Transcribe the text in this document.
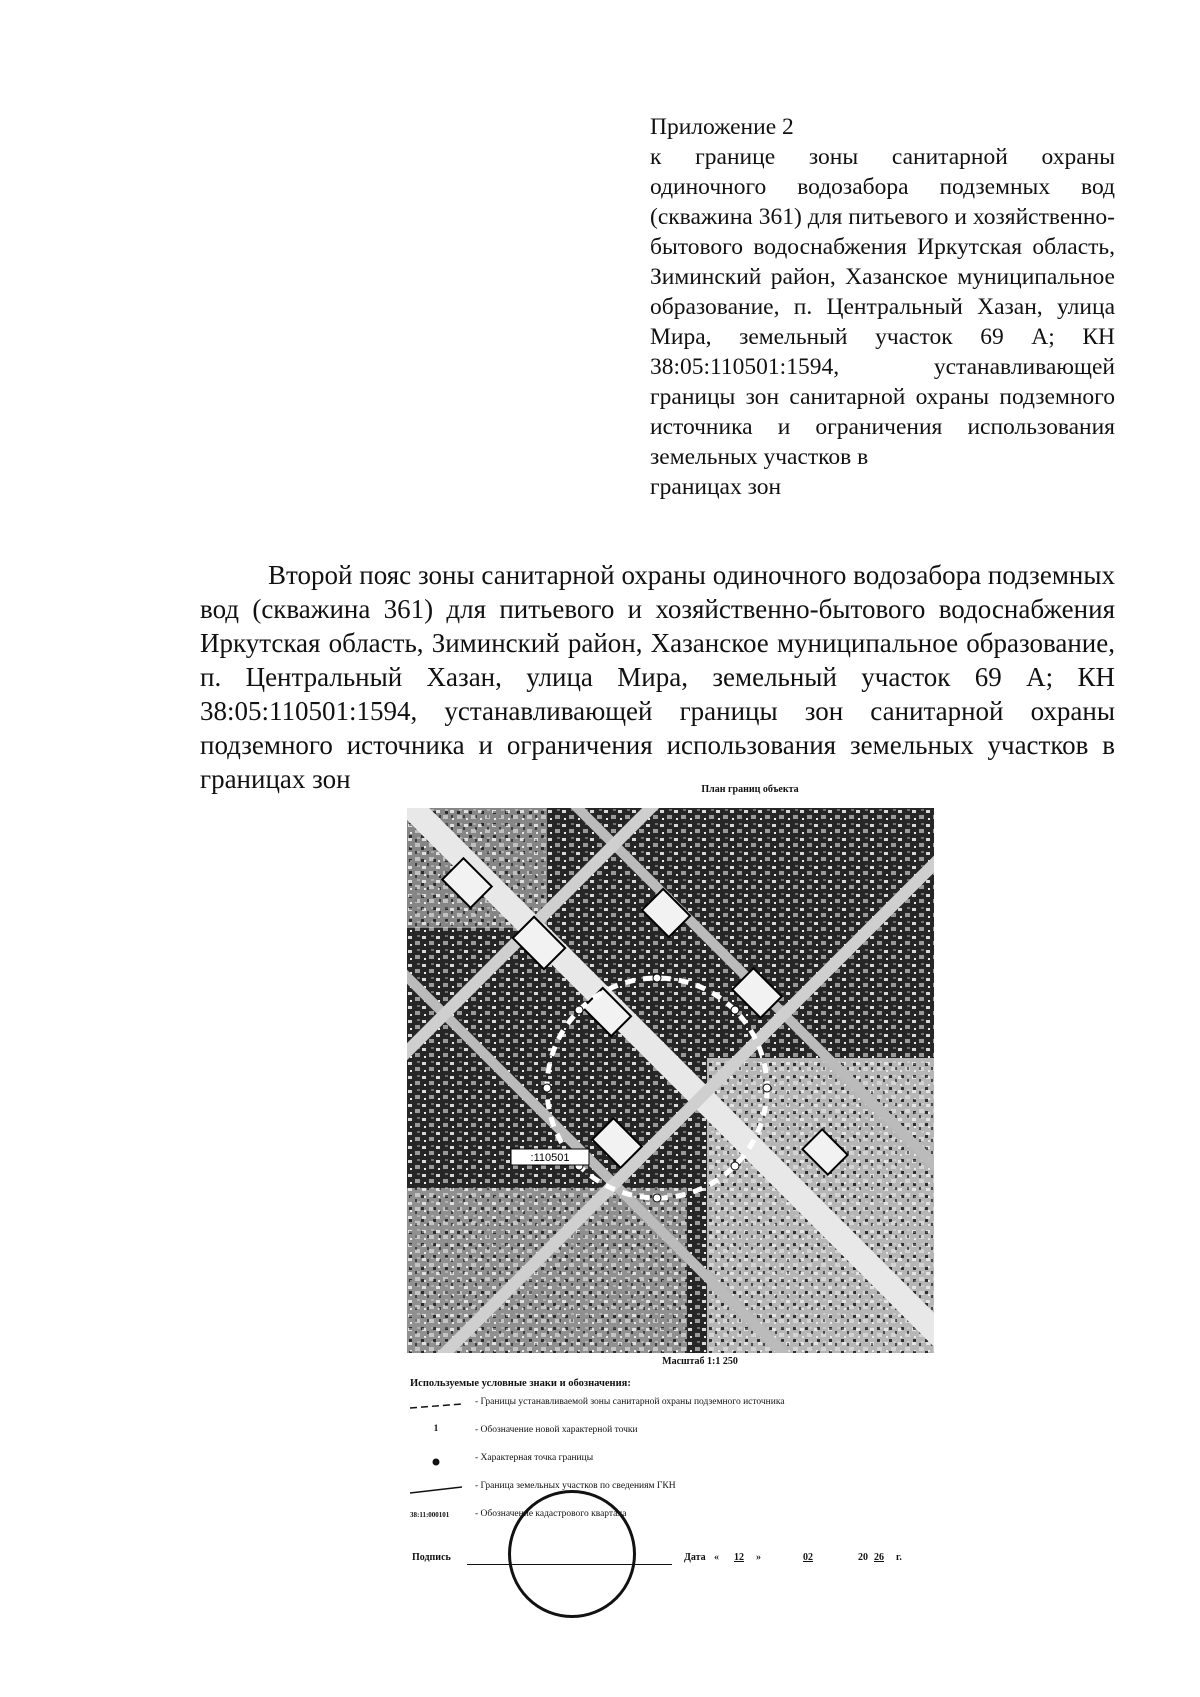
Приложение 2
к границе зоны санитарной охраны одиночного водозабора подземных вод (скважина 361) для питьевого и хозяйственно-бытового водоснабжения Иркутская область, Зиминский район, Хазанское муниципальное образование, п. Центральный Хазан, улица Мира, земельный участок 69 А; КН 38:05:110501:1594, устанавливающей границы зон санитарной охраны подземного источника и ограничения использования земельных участков в
границах зон

Второй пояс зоны санитарной охраны одиночного водозабора подземных вод (скважина 361) для питьевого и хозяйственно-бытового водоснабжения Иркутская область, Зиминский район, Хазанское муниципальное образование, п. Центральный Хазан, улица Мира, земельный участок 69 А; КН 38:05:110501:1594, устанавливающей границы зон санитарной охраны подземного источника и ограничения использования земельных участков в границах зон	План границ объекта
:110501
Масштаб 1:1 250
Используемые условные знаки и обозначения:
- Границы устанавливаемой зоны санитарной охраны подземного источника
1	- Обозначение новой характерной точки
- Характерная точка границы
- Граница земельных участков по сведениям ГКН
38:11:000101	- Обозначение кадастрового квартала
Подпись	Дата «	12	»	02	20 26 г.
